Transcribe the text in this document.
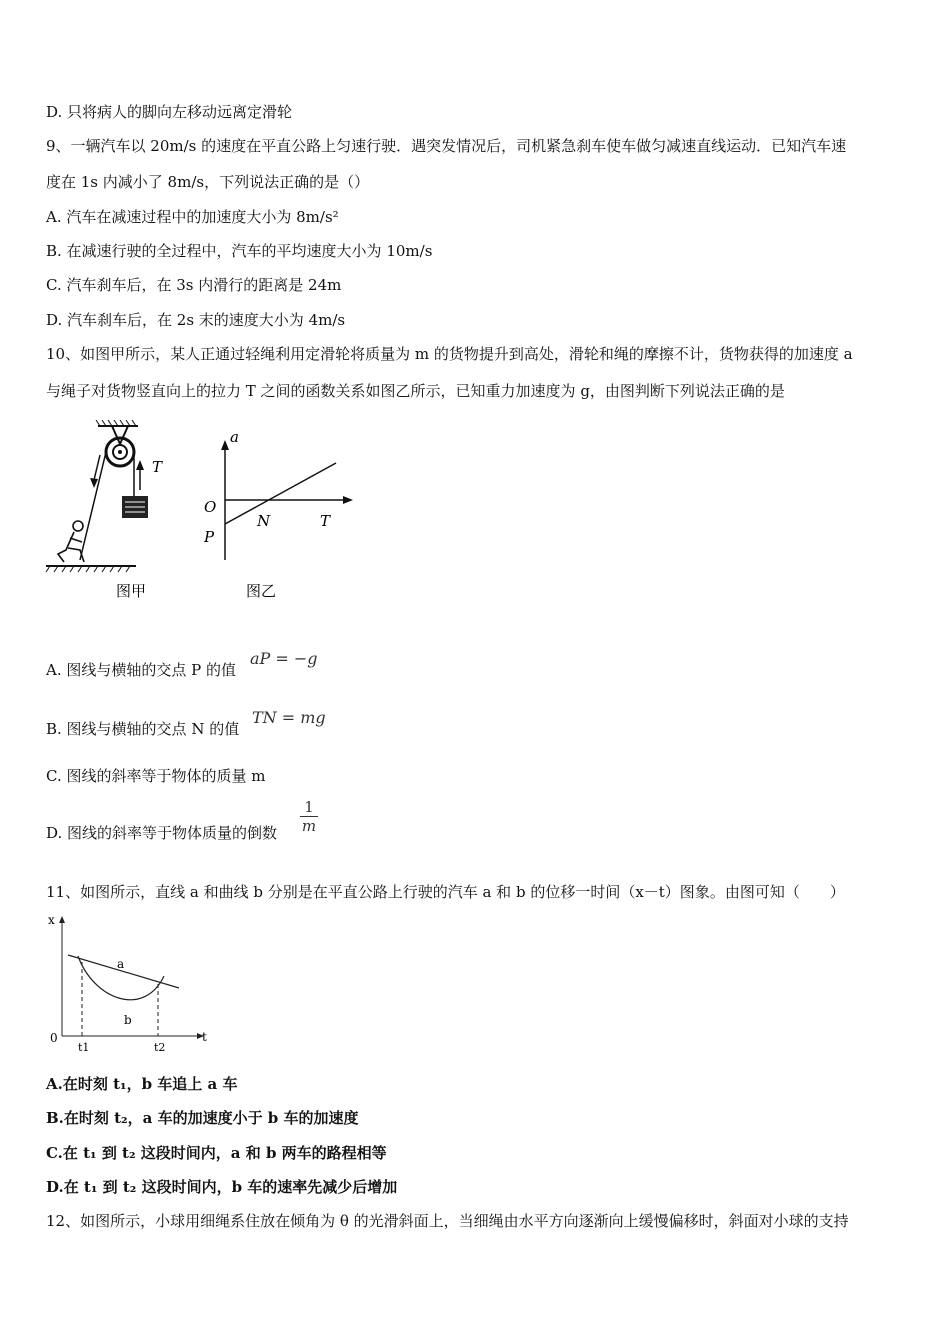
D. 只将病人的脚向左移动远离定滑轮
9、一辆汽车以 20m/s 的速度在平直公路上匀速行驶．遇突发情况后，司机紧急刹车使车做匀减速直线运动．已知汽车速
度在 1s 内减小了 8m/s，下列说法正确的是（）
A. 汽车在减速过程中的加速度大小为 8m/s²
B. 在减速行驶的全过程中，汽车的平均速度大小为 10m/s
C. 汽车刹车后，在 3s 内滑行的距离是 24m
D. 汽车刹车后，在 2s 末的速度大小为 4m/s
10、如图甲所示，某人正通过轻绳利用定滑轮将质量为 m 的货物提升到高处，滑轮和绳的摩擦不计，货物获得的加速度 a
与绳子对货物竖直向上的拉力 T 之间的函数关系如图乙所示，已知重力加速度为 g，由图判断下列说法正确的是
T
图甲
a
O
N	T
P
图乙
A. 图线与横轴的交点 P 的值
aP = −g
B. 图线与横轴的交点 N 的值
TN = mg
C. 图线的斜率等于物体的质量 m
D. 图线的斜率等于物体质量的倒数 $\frac{1}{m}$
11、如图所示，直线 a 和曲线 b 分别是在平直公路上行驶的汽车 a 和 b 的位移一时间（x－t）图象。由图可知（　　）
x
0	t
a
b
t1	t2
A.在时刻 t₁，b 车追上 a 车
B.在时刻 t₂，a 车的加速度小于 b 车的加速度
C.在 t₁ 到 t₂ 这段时间内，a 和 b 两车的路程相等
D.在 t₁ 到 t₂ 这段时间内，b 车的速率先减少后增加
12、如图所示，小球用细绳系住放在倾角为 θ 的光滑斜面上，当细绳由水平方向逐渐向上缓慢偏移时，斜面对小球的支持
